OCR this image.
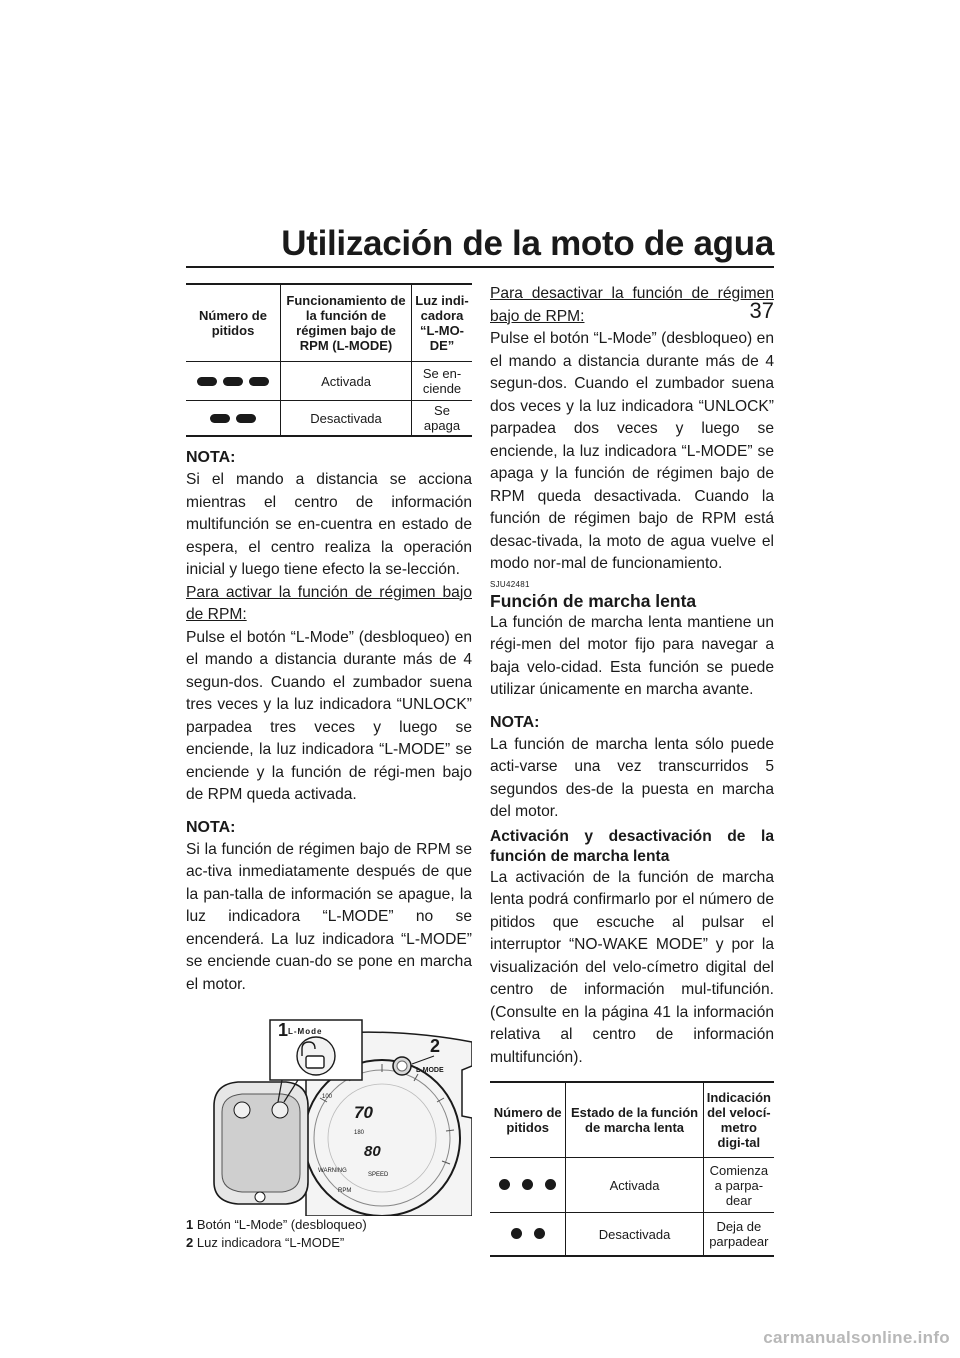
Utilización de la moto de agua
37
Número de pitidos	Funcionamiento de la función de régimen bajo de RPM (L-MODE)	Luz indi-cadora “L-MO-DE”
	Activada	Se en-ciende
	Desactivada	Se apaga

NOTA:

Si el mando a distancia se acciona mientras el centro de información multifunción se en-cuentra en estado de espera, el centro realiza la operación inicial y luego tiene efecto la se-lección.

Para activar la función de régimen bajo de RPM:

Pulse el botón “L-Mode” (desbloqueo) en el mando a distancia durante más de 4 segun-dos. Cuando el zumbador suena tres veces y la luz indicadora “UNLOCK” parpadea tres veces y luego se enciende, la luz indicadora “L-MODE” se enciende y la función de régi-men bajo de RPM queda activada.

NOTA:

Si la función de régimen bajo de RPM se ac-tiva inmediatamente después de que la pan-talla de información se apague, la luz indicadora “L-MODE” no se encenderá. La luz indicadora “L-MODE” se enciende cuan-do se pone en marcha el motor.

70
80
100
180
WARNING
SPEED
RPM
L-MODE
2
1 L-Mode

1 Botón “L-Mode” (desbloqueo)

2 Luz indicadora “L-MODE”

Para desactivar la función de régimen bajo de RPM:

Pulse el botón “L-Mode” (desbloqueo) en el mando a distancia durante más de 4 segun-dos. Cuando el zumbador suena dos veces y la luz indicadora “UNLOCK” parpadea dos veces y luego se enciende, la luz indicadora “L-MODE” se apaga y la función de régimen bajo de RPM queda desactivada. Cuando la función de régimen bajo de RPM está desac-tivada, la moto de agua vuelve el modo nor-mal de funcionamiento.

SJU42481

Función de marcha lenta

La función de marcha lenta mantiene un régi-men del motor fijo para navegar a baja velo-cidad. Esta función se puede utilizar únicamente en marcha avante.

NOTA:

La función de marcha lenta sólo puede acti-varse una vez transcurridos 5 segundos des-de la puesta en marcha del motor.

Activación y desactivación de la función de marcha lenta

La activación de la función de marcha lenta podrá confirmarlo por el número de pitidos que escuche al pulsar el interruptor “NO-WAKE MODE” y por la visualización del velo-címetro digital del centro de información mul-tifunción. (Consulte en la página 41 la información relativa al centro de información multifunción).

Número de pitidos	Estado de la función de marcha lenta	Indicación del velocí-metro digi-tal
	Activada	Comienza a parpa-dear
	Desactivada	Deja de parpadear
carmanualsonline.info
